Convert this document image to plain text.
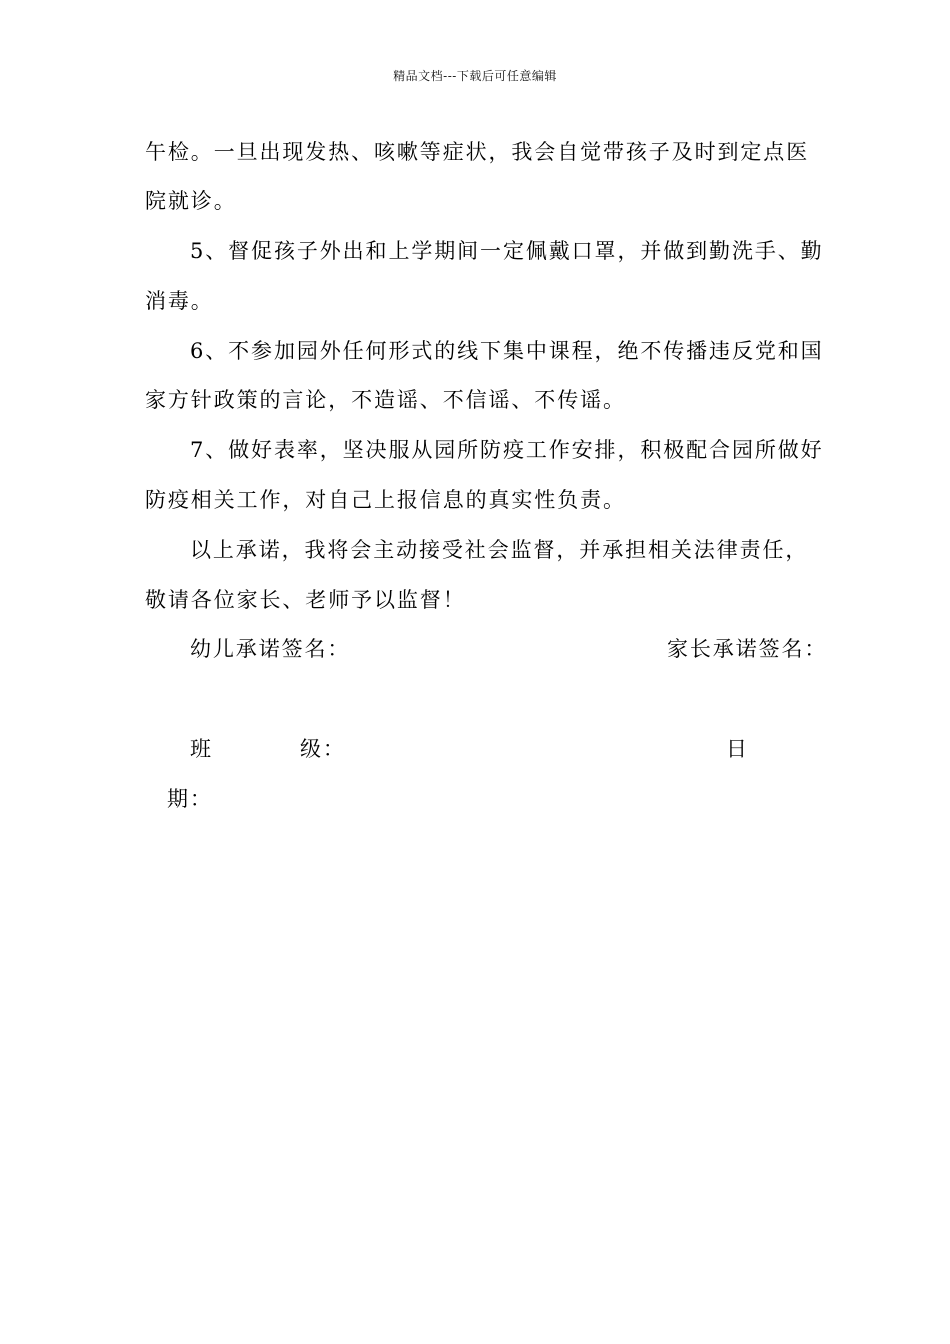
精品文档---下载后可任意编辑
午检。一旦出现发热、咳嗽等症状，我会自觉带孩子及时到定点医
院就诊。
5、督促孩子外出和上学期间一定佩戴口罩，并做到勤洗手、勤
消毒。
6、不参加园外任何形式的线下集中课程，绝不传播违反党和国
家方针政策的言论，不造谣、不信谣、不传谣。
7、做好表率，坚决服从园所防疫工作安排，积极配合园所做好
防疫相关工作，对自己上报信息的真实性负责。
以上承诺，我将会主动接受社会监督，并承担相关法律责任，
敬请各位家长、老师予以监督！
幼儿承诺签名：	家长承诺签名：
班	级：	日
期：
